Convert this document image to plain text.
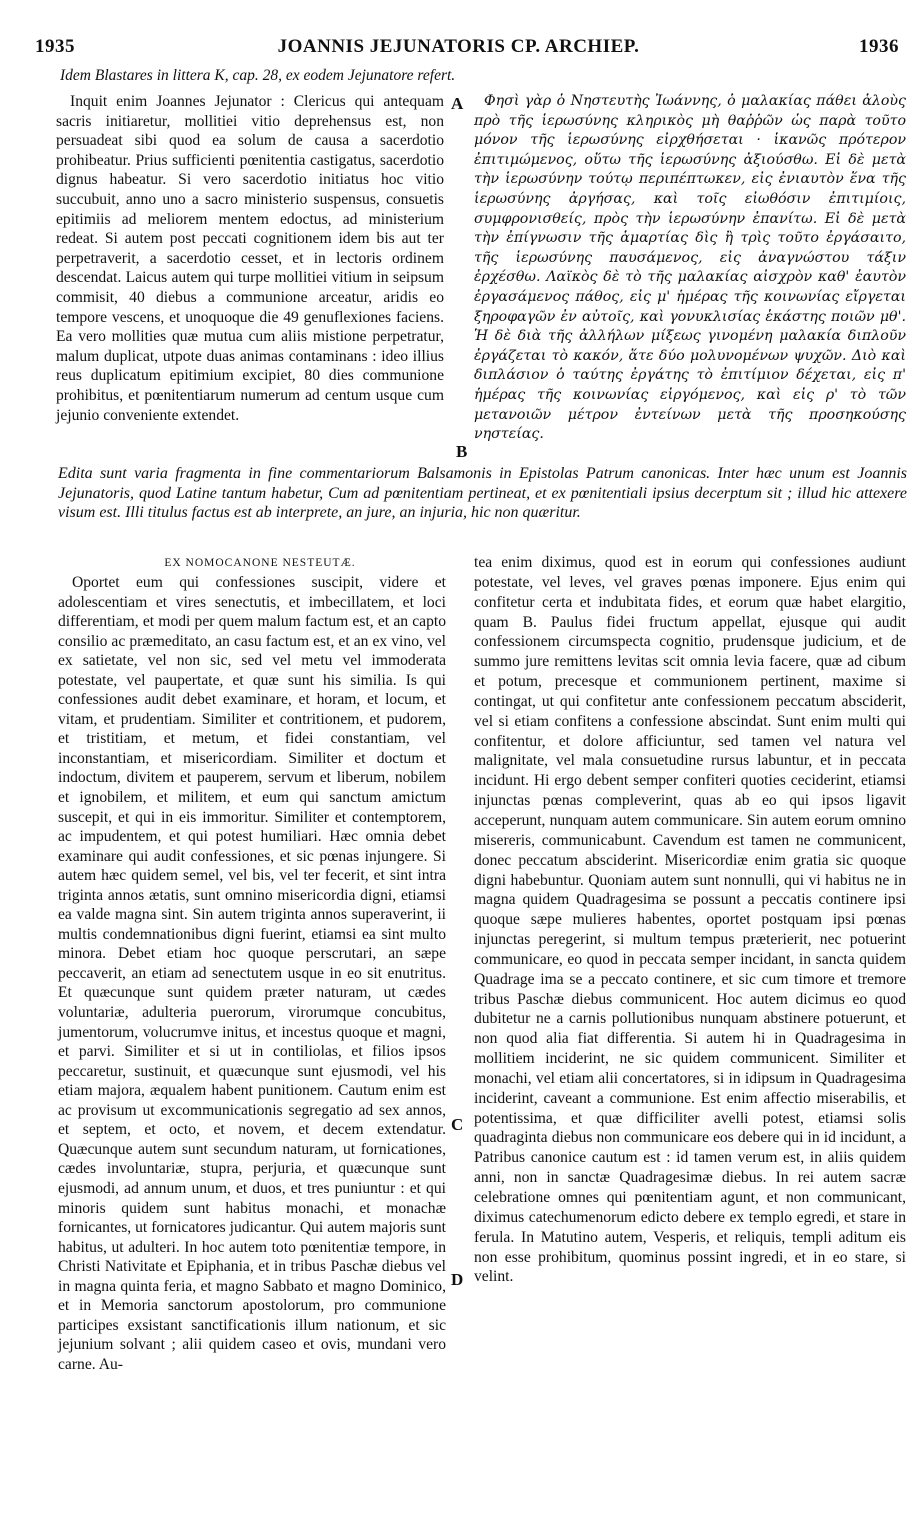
1935	JOANNIS JEJUNATORIS CP. ARCHIEP.	1936
Idem Blastares in littera K, cap. 28, ex eodem Jejunatore refert.

Inquit enim Joannes Jejunator : Clericus qui antequam sacris initiaretur, mollitiei vitio deprehensus est, non persuadeat sibi quod ea solum de causa a sacerdotio prohibeatur. Prius sufficienti pœnitentia castigatus, sacerdotio dignus habeatur. Si vero sacerdotio initiatus hoc vitio succubuit, anno uno a sacro ministerio suspensus, consuetis epitimiis ad meliorem mentem edoctus, ad ministerium redeat. Si autem post peccati cognitionem idem bis aut ter perpetraverit, a sacerdotio cesset, et in lectoris ordinem descendat. Laicus autem qui turpe mollitiei vitium in seipsum commisit, 40 diebus a communione arceatur, aridis eo tempore vescens, et unoquoque die 49 genuflexiones faciens. Ea vero mollities quæ mutua cum aliis mistione perpetratur, malum duplicat, utpote duas animas contaminans : ideo illius reus duplicatum epitimium excipiet, 80 dies communione prohibitus, et pœnitentiarum numerum ad centum usque cum jejunio conveniente extendet.

A	Φησὶ γὰρ ὁ Νηστευτὴς Ἰωάννης, ὁ μαλακίας πάθει ἁλοὺς πρὸ τῆς ἱερωσύνης κληρικὸς μὴ θαῤῥῶν ὡς παρὰ τοῦτο μόνον τῆς ἱερωσύνης εἰρχθήσεται · ἱκανῶς πρότερον ἐπιτιμώμενος, οὕτω τῆς ἱερωσύνης ἀξιούσθω. Εἰ δὲ μετὰ τὴν ἱερωσύνην τούτῳ περιπέπτωκεν, εἰς ἐνιαυτὸν ἕνα τῆς ἱερωσύνης ἀργήσας, καὶ τοῖς εἰωθόσιν ἐπιτιμίοις, συμφρονισθείς, πρὸς τὴν ἱερωσύνην ἐπανίτω. Εἰ δὲ μετὰ τὴν ἐπίγνωσιν τῆς ἁμαρτίας δὶς ἢ τρὶς τοῦτο ἐργάσαιτο, τῆς ἱερωσύνης παυσάμενος, εἰς ἀναγνώστου τάξιν ἐρχέσθω. Λαϊκὸς δὲ τὸ τῆς μαλακίας αἰσχρὸν καθ' ἑαυτὸν ἐργασάμενος πάθος, εἰς μ' ἡμέρας τῆς κοινωνίας εἴργεται ξηροφαγῶν ἐν αὐτοῖς, καὶ γονυκλισίας ἑκάστης ποιῶν μθ'. Ἡ δὲ διὰ τῆς ἀλλήλων μίξεως γινομένη μαλακία διπλοῦν ἐργάζεται τὸ κακόν, ἅτε δύο μολυνομένων ψυχῶν. Διὸ καὶ διπλάσιον ὁ ταύτης ἐργάτης τὸ ἐπιτίμιον δέχεται, εἰς π' ἡμέρας τῆς κοινωνίας εἰργόμενος, καὶ εἰς ρ' τὸ τῶν μετανοιῶν μέτρον ἐντείνων μετὰ τῆς προσηκούσης νηστείας.

B
Edita sunt varia fragmenta in fine commentariorum Balsamonis in Epistolas Patrum canonicas. Inter hæc unum est Joannis Jejunatoris, quod Latine tantum habetur, Cum ad pœnitentiam pertineat, et ex pœnitentiali ipsius decerptum sit ; illud hic attexere visum est. Illi titulus factus est ab interprete, an jure, an injuria, hic non quæritur.
EX NOMOCANONE NESTEUTÆ.

Oportet eum qui confessiones suscipit, videre et adolescentiam et vires senectutis, et imbecillatem, et loci differentiam, et modi per quem malum factum est, et an capto consilio ac præmeditato, an casu factum est, et an ex vino, vel ex satietate, vel non sic, sed vel metu vel immoderata potestate, vel paupertate, et quæ sunt his similia. Is qui confessiones audit debet examinare, et horam, et locum, et vitam, et prudentiam. Similiter et contritionem, et pudorem, et tristitiam, et metum, et fidei constantiam, vel inconstantiam, et misericordiam. Similiter et doctum et indoctum, divitem et pauperem, servum et liberum, nobilem et ignobilem, et militem, et eum qui sanctum amictum suscepit, et qui in eis immoritur. Similiter et contemptorem, ac impudentem, et qui potest humiliari. Hæc omnia debet examinare qui audit confessiones, et sic pœnas injungere. Si autem hæc quidem semel, vel bis, vel ter fecerit, et sint intra triginta annos ætatis, sunt omnino misericordia digni, etiamsi ea valde magna sint. Sin autem triginta annos superaverint, ii multis condemnationibus digni fuerint, etiamsi ea sint multo minora. Debet etiam hoc quoque perscrutari, an sæpe peccaverit, an etiam ad senectutem usque in eo sit enutritus. Et quæcunque sunt quidem præter naturam, ut cædes voluntariæ, adulteria puerorum, virorumque concubitus, jumentorum, volucrumve initus, et incestus quoque et magni, et parvi. Similiter et si ut in contiliolas, et filios ipsos peccaretur, sustinuit, et quæcunque sunt ejusmodi, vel his etiam majora, æqualem habent punitionem. Cautum enim est ac provisum ut excommunicationis segregatio ad sex annos, et septem, et octo, et novem, et decem extendatur. Quæcunque autem sunt secundum naturam, ut fornicationes, cædes involuntariæ, stupra, perjuria, et quæcunque sunt ejusmodi, ad annum unum, et duos, et tres puniuntur : et qui minoris quidem sunt habitus monachi, et monachæ fornicantes, ut fornicatores judicantur. Qui autem majoris sunt habitus, ut adulteri. In hoc autem toto pœnitentiæ tempore, in Christi Nativitate et Epiphania, et in tribus Paschæ diebus vel in magna quinta feria, et magno Sabbato et magno Dominico, et in Memoria sanctorum apostolorum, pro communione participes exsistant sanctificationis illum nationum, et sic jejunium solvant ; alii quidem caseo et ovis, mundani vero carne. Au-

tea enim diximus, quod est in eorum qui confessiones audiunt potestate, vel leves, vel graves pœnas imponere. Ejus enim qui confitetur certa et indubitata fides, et eorum quæ habet elargitio, quam B. Paulus fidei fructum appellat, ejusque qui audit confessionem circumspecta cognitio, prudensque judicium, et de summo jure remittens levitas scit omnia levia facere, quæ ad cibum et potum, precesque et communionem pertinent, maxime si contingat, ut qui confitetur ante confessionem peccatum absciderit, vel si etiam confitens a confessione abscindat. Sunt enim multi qui confitentur, et dolore afficiuntur, sed tamen vel natura vel malignitate, vel mala consuetudine rursus labuntur, et in peccata incidunt. Hi ergo debent semper confiteri quoties ceciderint, etiamsi injunctas pœnas compleverint, quas ab eo qui ipsos ligavit acceperunt, nunquam autem communicare. Sin autem eorum omnino misereris, communicabunt. Cavendum est tamen ne communicent, donec peccatum absciderint. Misericordiæ enim gratia sic quoque digni habebuntur. Quoniam autem sunt nonnulli, qui vi habitus ne in magna quidem Quadragesima se possunt a peccatis continere ipsi quoque sæpe mulieres habentes, oportet postquam ipsi pœnas injunctas peregerint, si multum tempus præterierit, nec potuerint communicare, eo quod in peccata semper incidant, in sancta quidem Quadrage ima se a peccato continere, et sic cum timore et tremore tribus Paschæ diebus communicent. Hoc autem dicimus eo quod dubitetur ne a carnis pollutionibus nunquam abstinere potuerunt, et non quod alia fiat differentia. Si autem hi in Quadragesima in mollitiem inciderint, ne sic quidem communicent. Similiter et monachi, vel etiam alii concertatores, si in idipsum in Quadragesima inciderint, caveant a communione. Est enim affectio miserabilis, et potentissima, et quæ difficiliter avelli potest, etiamsi solis quadraginta diebus non communicare eos debere qui in id incidunt, a Patribus canonice cautum est : id tamen verum est, in aliis quidem anni, non in sanctæ Quadragesimæ diebus. In rei autem sacræ celebratione omnes qui pœnitentiam agunt, et non communicant, diximus catechumenorum edicto debere ex templo egredi, et stare in ferula. In Matutino autem, Vesperis, et reliquis, templi aditum eis non esse prohibitum, quominus possint ingredi, et in eo stare, si velint.

C
D
